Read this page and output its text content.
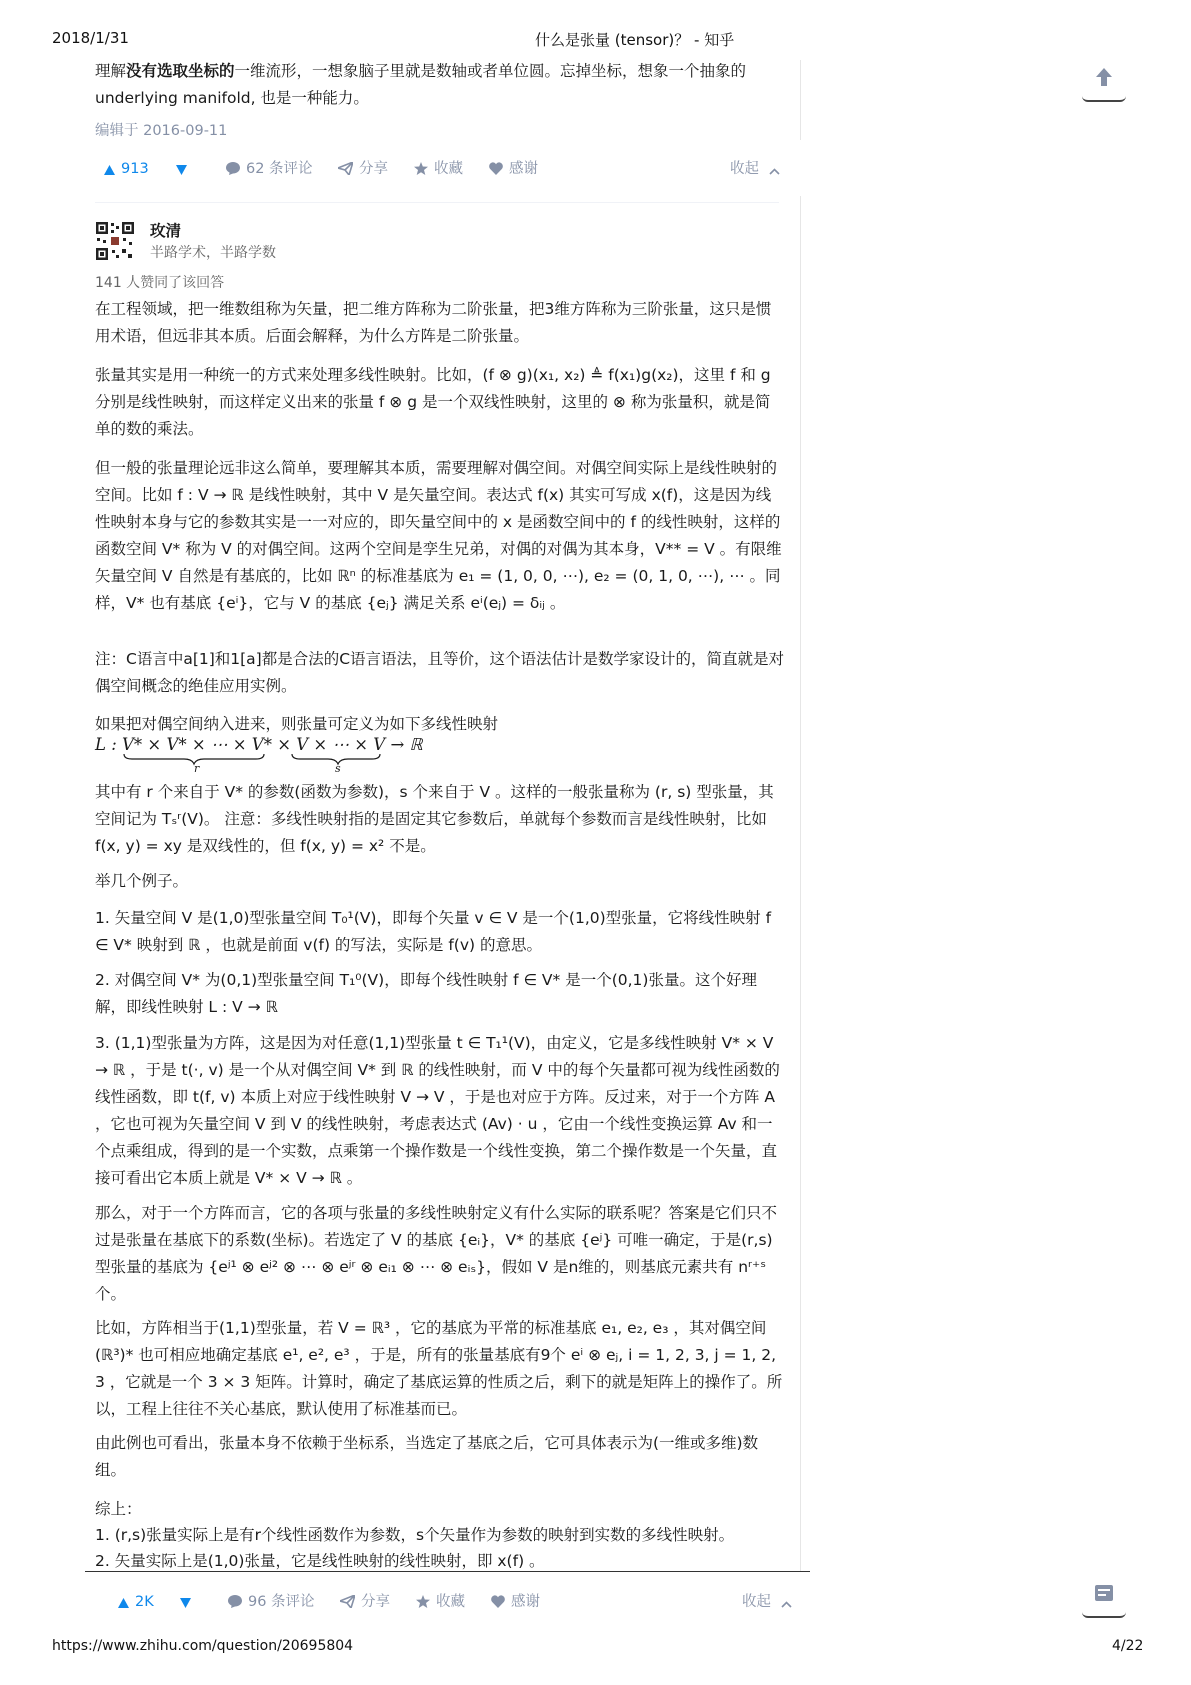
2018/1/31	什么是张量 (tensor)？ - 知乎

理解没有选取坐标的一维流形，一想象脑子里就是数轴或者单位圆。忘掉坐标，想象一个抽象的
underlying manifold, 也是一种能力。

编辑于 2016-09-11
913	62 条评论	分享	收藏	感谢	收起
玫清
半路学术，半路学数
141 人赞同了该回答

在工程领域，把一维数组称为矢量，把二维方阵称为二阶张量，把3维方阵称为三阶张量，这只是惯用术语，但远非其本质。后面会解释，为什么方阵是二阶张量。

张量其实是用一种统一的方式来处理多线性映射。比如，(f ⊗ g)(x₁, x₂) ≜ f(x₁)g(x₂)，这里 f 和 g 分别是线性映射，而这样定义出来的张量 f ⊗ g 是一个双线性映射，这里的 ⊗ 称为张量积，就是简单的数的乘法。

但一般的张量理论远非这么简单，要理解其本质，需要理解对偶空间。对偶空间实际上是线性映射的空间。比如 f : V → ℝ 是线性映射，其中 V 是矢量空间。表达式 f(x) 其实可写成 x(f)，这是因为线性映射本身与它的参数其实是一一对应的，即矢量空间中的 x 是函数空间中的 f 的线性映射，这样的函数空间 V* 称为 V 的对偶空间。这两个空间是孪生兄弟，对偶的对偶为其本身，V** = V 。有限维矢量空间 V 自然是有基底的，比如 ℝⁿ 的标准基底为 e₁ = (1, 0, 0, ⋯), e₂ = (0, 1, 0, ⋯), ⋯ 。同样，V* 也有基底 {eⁱ}，它与 V 的基底 {eⱼ} 满足关系 eⁱ(eⱼ) = δᵢⱼ 。

注：C语言中a[1]和1[a]都是合法的C语言语法，且等价，这个语法估计是数学家设计的，简直就是对偶空间概念的绝佳应用实例。

如果把对偶空间纳入进来，则张量可定义为如下多线性映射

L : V* × V* × ⋯ × V* × V × ⋯ × V → ℝ
r	s

其中有 r 个来自于 V* 的参数(函数为参数)，s 个来自于 V 。这样的一般张量称为 (r, s) 型张量，其空间记为 Tₛʳ(V)。 注意：多线性映射指的是固定其它参数后，单就每个参数而言是线性映射，比如 f(x, y) = xy 是双线性的，但 f(x, y) = x² 不是。

举几个例子。

1. 矢量空间 V 是(1,0)型张量空间 T₀¹(V)，即每个矢量 v ∈ V 是一个(1,0)型张量，它将线性映射 f ∈ V* 映射到 ℝ ，也就是前面 v(f) 的写法，实际是 f(v) 的意思。

2. 对偶空间 V* 为(0,1)型张量空间 T₁⁰(V)，即每个线性映射 f ∈ V* 是一个(0,1)张量。这个好理解，即线性映射 L : V → ℝ

3. (1,1)型张量为方阵，这是因为对任意(1,1)型张量 t ∈ T₁¹(V)，由定义，它是多线性映射 V* × V → ℝ ，于是 t(·, v) 是一个从对偶空间 V* 到 ℝ 的线性映射，而 V 中的每个矢量都可视为线性函数的线性函数，即 t(f, v) 本质上对应于线性映射 V → V ，于是也对应于方阵。反过来，对于一个方阵 A ，它也可视为矢量空间 V 到 V 的线性映射，考虑表达式 (Av) · u ，它由一个线性变换运算 Av 和一个点乘组成，得到的是一个实数，点乘第一个操作数是一个线性变换，第二个操作数是一个矢量，直接可看出它本质上就是 V* × V → ℝ 。

那么，对于一个方阵而言，它的各项与张量的多线性映射定义有什么实际的联系呢？答案是它们只不过是张量在基底下的系数(坐标)。若选定了 V 的基底 {eᵢ}，V* 的基底 {eʲ} 可唯一确定，于是(r,s)型张量的基底为 {eʲ¹ ⊗ eʲ² ⊗ ⋯ ⊗ eʲʳ ⊗ eᵢ₁ ⊗ ⋯ ⊗ eᵢₛ}，假如 V 是n维的，则基底元素共有 nʳ⁺ˢ 个。

比如，方阵相当于(1,1)型张量，若 V = ℝ³ ，它的基底为平常的标准基底 e₁, e₂, e₃ ，其对偶空间 (ℝ³)* 也可相应地确定基底 e¹, e², e³ ，于是，所有的张量基底有9个 eⁱ ⊗ eⱼ, i = 1, 2, 3, j = 1, 2, 3 ，它就是一个 3 × 3 矩阵。计算时，确定了基底运算的性质之后，剩下的就是矩阵上的操作了。所以，工程上往往不关心基底，默认使用了标准基而已。

由此例也可看出，张量本身不依赖于坐标系，当选定了基底之后，它可具体表示为(一维或多维)数组。

综上：

1. (r,s)张量实际上是有r个线性函数作为参数，s个矢量作为参数的映射到实数的多线性映射。

2. 矢量实际上是(1,0)张量，它是线性映射的线性映射，即 x(f) 。

2K	96 条评论	分享	收藏	感谢	收起
https://www.zhihu.com/question/20695804	4/22
